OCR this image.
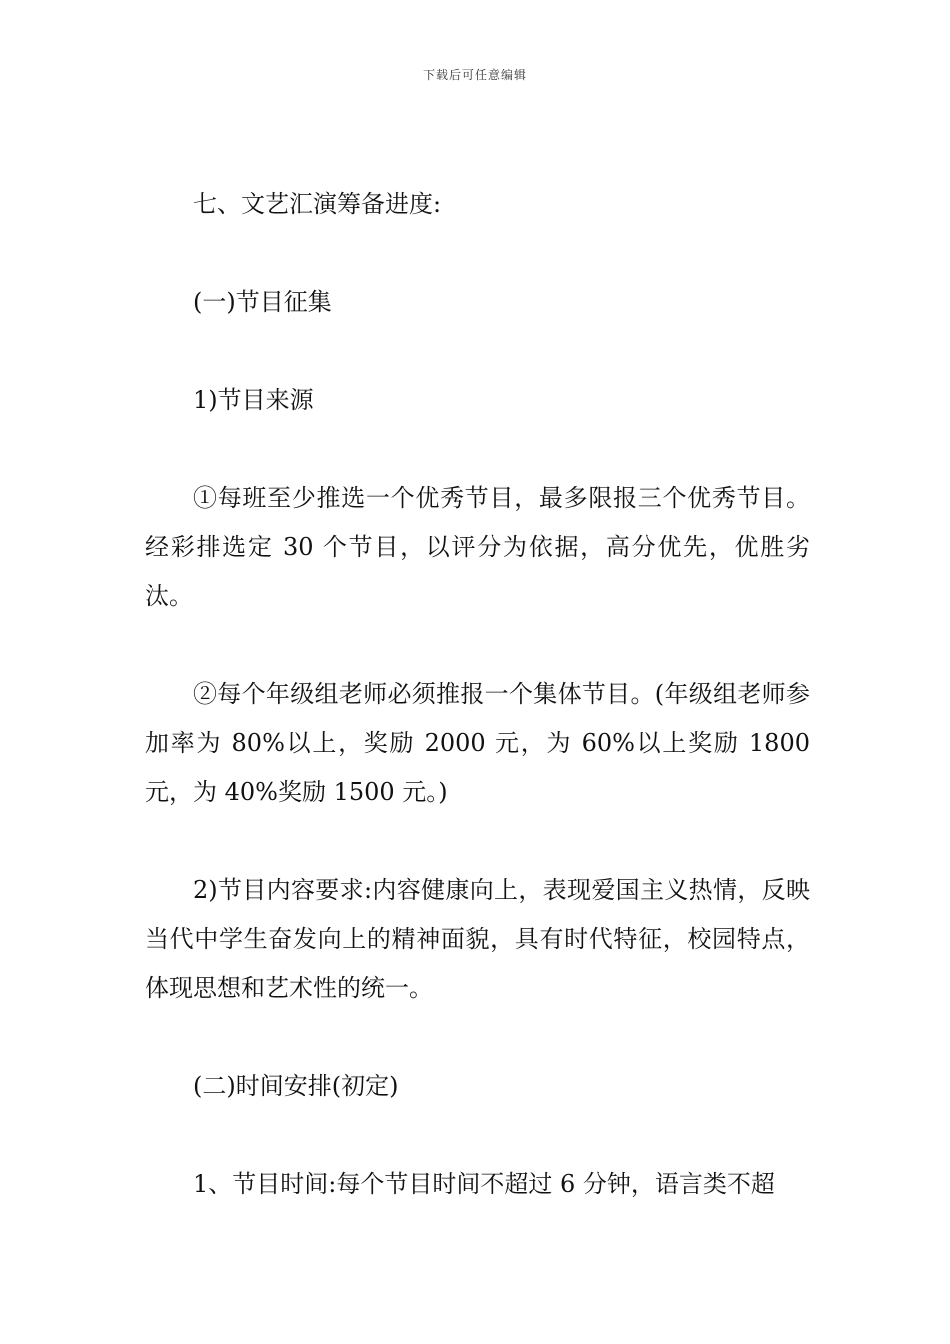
下载后可任意编辑

七、文艺汇演筹备进度:

(一)节目征集

1)节目来源

①每班至少推选一个优秀节目，最多限报三个优秀节目。经彩排选定 30 个节目，以评分为依据，高分优先，优胜劣汰。

②每个年级组老师必须推报一个集体节目。(年级组老师参加率为 80%以上，奖励 2000 元，为 60%以上奖励 1800 元，为 40%奖励 1500 元。)

2)节目内容要求:内容健康向上，表现爱国主义热情，反映当代中学生奋发向上的精神面貌，具有时代特征，校园特点，体现思想和艺术性的统一。

(二)时间安排(初定)

1、节目时间:每个节目时间不超过 6 分钟，语言类不超
